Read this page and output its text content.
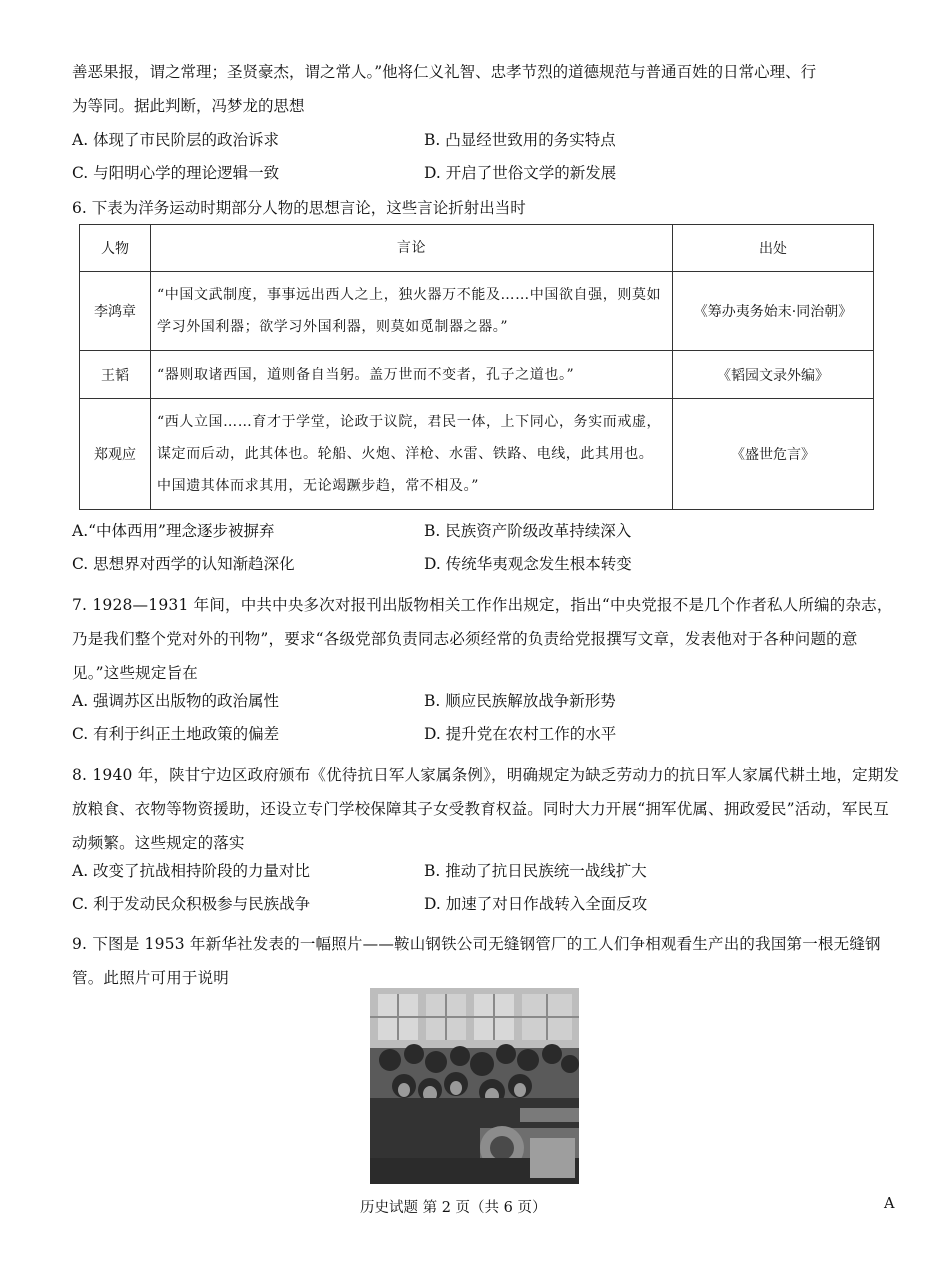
善恶果报，谓之常理；圣贤豪杰，谓之常人。”他将仁义礼智、忠孝节烈的道德规范与普通百姓的日常心理、行
为等同。据此判断，冯梦龙的思想
A. 体现了市民阶层的政治诉求	B. 凸显经世致用的务实特点
C. 与阳明心学的理论逻辑一致	D. 开启了世俗文学的新发展
6. 下表为洋务运动时期部分人物的思想言论，这些言论折射出当时
人物	言论	出处
李鸿章	“中国文武制度，事事远出西人之上，独火器万不能及……中国欲自强，则莫如学习外国利器；欲学习外国利器，则莫如觅制器之器。”	《筹办夷务始末·同治朝》
王韬	“器则取诸西国，道则备自当躬。盖万世而不变者，孔子之道也。”	《韬园文录外编》
郑观应	“西人立国……育才于学堂，论政于议院，君民一体，上下同心，务实而戒虚，谋定而后动，此其体也。轮船、火炮、洋枪、水雷、铁路、电线，此其用也。中国遗其体而求其用，无论竭蹶步趋，常不相及。”	《盛世危言》
A.“中体西用”理念逐步被摒弃	B. 民族资产阶级改革持续深入
C. 思想界对西学的认知渐趋深化	D. 传统华夷观念发生根本转变
7. 1928—1931 年间，中共中央多次对报刊出版物相关工作作出规定，指出“中央党报不是几个作者私人所编的杂志，乃是我们整个党对外的刊物”，要求“各级党部负责同志必须经常的负责给党报撰写文章，发表他对于各种问题的意见。”这些规定旨在
A. 强调苏区出版物的政治属性	B. 顺应民族解放战争新形势
C. 有利于纠正土地政策的偏差	D. 提升党在农村工作的水平
8. 1940 年，陕甘宁边区政府颁布《优待抗日军人家属条例》，明确规定为缺乏劳动力的抗日军人家属代耕土地，定期发放粮食、衣物等物资援助，还设立专门学校保障其子女受教育权益。同时大力开展“拥军优属、拥政爱民”活动，军民互动频繁。这些规定的落实
A. 改变了抗战相持阶段的力量对比	B. 推动了抗日民族统一战线扩大
C. 利于发动民众积极参与民族战争	D. 加速了对日作战转入全面反攻
9. 下图是 1953 年新华社发表的一幅照片——鞍山钢铁公司无缝钢管厂的工人们争相观看生产出的我国第一根无缝钢管。此照片可用于说明
历史试题 第 2 页（共 6 页）	A
